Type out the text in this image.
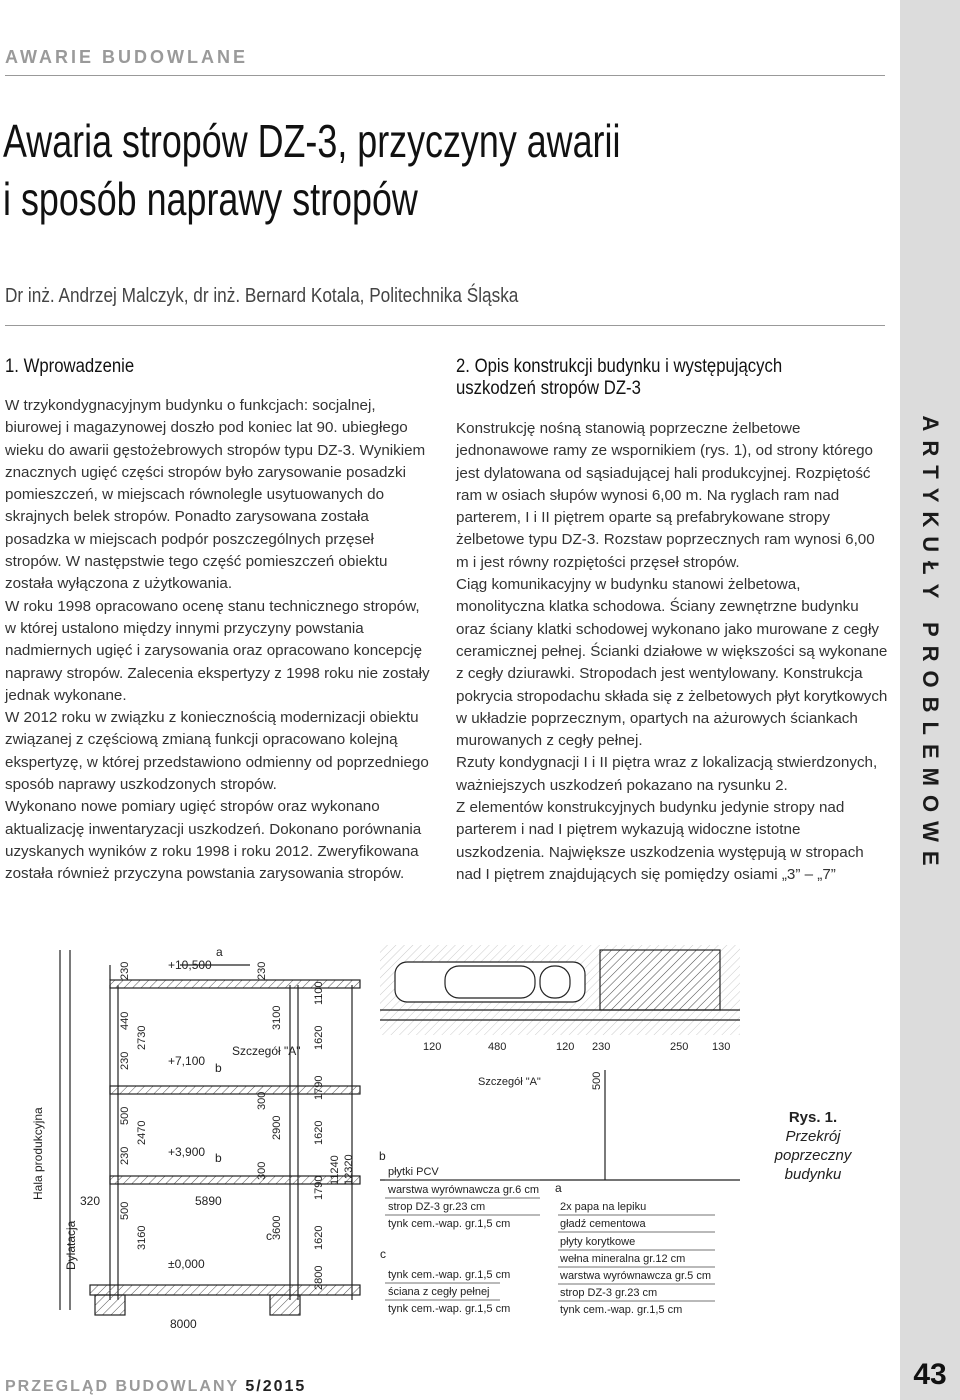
ARTYKUŁY PROBLEMOWE
43
AWARIE BUDOWLANE
Awaria stropów DZ-3, przyczyny awarii
i sposób naprawy stropów
Dr inż. Andrzej Malczyk, dr inż. Bernard Kotala, Politechnika Śląska
1. Wprowadzenie

W trzykondygnacyjnym budynku o funkcjach: socjalnej, biurowej i magazynowej doszło pod koniec lat 90. ubiegłego wieku do awarii gęstożebrowych stropów typu DZ-3. Wynikiem znacznych ugięć części stropów było zarysowanie posadzki pomieszczeń, w miejscach równolegle usytuowanych do skrajnych belek stropów. Ponadto zarysowana została posadzka w miejscach podpór poszczególnych przęseł stropów. W następstwie tego część pomieszczeń obiektu została wyłączona z użytkowania.

W roku 1998 opracowano ocenę stanu technicznego stropów, w której ustalono między innymi przyczyny powstania nadmiernych ugięć i zarysowania oraz opracowano koncepcję naprawy stropów. Zalecenia ekspertyzy z 1998 roku nie zostały jednak wykonane.

W 2012 roku w związku z koniecznością modernizacji obiektu związanej z częściową zmianą funkcji opracowano kolejną ekspertyzę, w której przedstawiono odmienny od poprzedniego sposób naprawy uszkodzonych stropów.

Wykonano nowe pomiary ugięć stropów oraz wykonano aktualizację inwentaryzacji uszkodzeń. Dokonano porównania uzyskanych wyników z roku 1998 i roku 2012. Zweryfikowana została również przyczyna powstania zarysowania stropów.

2. Opis konstrukcji budynku i występujących
uszkodzeń stropów DZ-3

Konstrukcję nośną stanowią poprzeczne żelbetowe jednonawowe ramy ze wspornikiem (rys. 1), od strony którego jest dylatowana od sąsiadującej hali produkcyjnej. Rozpiętość ram w osiach słupów wynosi 6,00 m. Na ryglach ram nad parterem, I i II piętrem oparte są prefabrykowane stropy żelbetowe typu DZ-3. Rozstaw poprzecznych ram wynosi 6,00 m i jest równy rozpiętości przęseł stropów.

Ciąg komunikacyjny w budynku stanowi żelbetowa, monolityczna klatka schodowa. Ściany zewnętrzne budynku oraz ściany klatki schodowej wykonano jako murowane z cegły ceramicznej pełnej. Ścianki działowe w większości są wykonane z cegły dziurawki. Stropodach jest wentylowany. Konstrukcja pokrycia stropodachu składa się z żelbetowych płyt korytkowych w układzie poprzecznym, opartych na ażurowych ściankach murowanych z cegły pełnej.

Rzuty kondygnacji I i II piętra wraz z lokalizacją stwierdzonych, ważniejszych uszkodzeń pokazano na rysunku 2.

Z elementów konstrukcyjnych budynku jedynie stropy nad parterem i nad I piętrem wykazują widoczne istotne uszkodzenia. Największe uszkodzenia występują w stropach nad I piętrem znajdujących się pomiędzy osiami „3” – „7”

+10,500
+7,100
+3,900
±0,000
Szczegół "A"
320	5890
8000
230
440
2730
230
500
2470
230
500
3160
230
3100
300
2900
300
3600
2800
1100
1620
1790
1620
1790
1620
11240 12320
Hala produkcyjna
Dylatacja
120	480	120 230	250 130
500
Szczegół "A"
a
b
b
c
b
c
a
płytki PCV
warstwa wyrównawcza gr.6 cm
strop DZ-3 gr.23 cm
tynk cem.-wap. gr.1,5 cm
tynk cem.-wap. gr.1,5 cm
ściana z cegły pełnej
tynk cem.-wap. gr.1,5 cm
2x papa na lepiku
gładź cementowa
płyty korytkowe
wełna mineralna gr.12 cm
warstwa wyrównawcza gr.5 cm
strop DZ-3 gr.23 cm
tynk cem.-wap. gr.1,5 cm
Rys. 1.
Przekrój poprzeczny budynku
PRZEGLĄD BUDOWLANY 5/2015
